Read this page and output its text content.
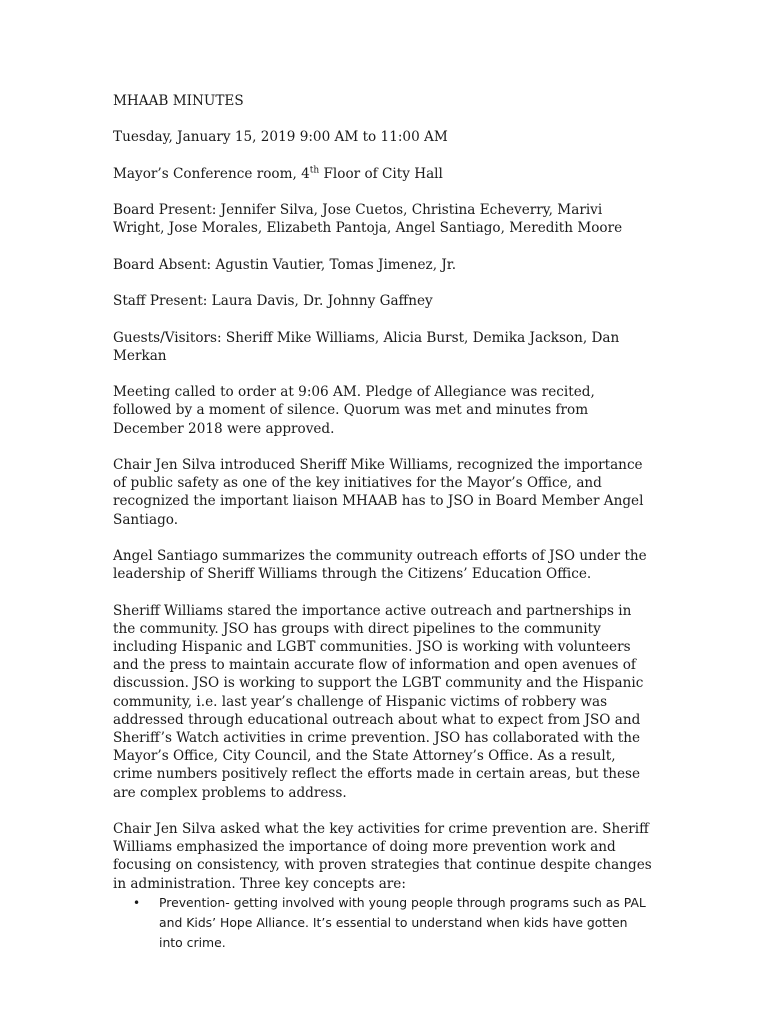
MHAAB MINUTES

Tuesday, January 15, 2019 9:00 AM to 11:00 AM

Mayor’s Conference room, 4th Floor of City Hall

Board Present: Jennifer Silva, Jose Cuetos, Christina Echeverry, Marivi Wright, Jose Morales, Elizabeth Pantoja, Angel Santiago, Meredith Moore

Board Absent: Agustin Vautier, Tomas Jimenez, Jr.

Staff Present: Laura Davis, Dr. Johnny Gaffney

Guests/Visitors: Sheriff Mike Williams, Alicia Burst, Demika Jackson, Dan Merkan

Meeting called to order at 9:06 AM. Pledge of Allegiance was recited, followed by a moment of silence. Quorum was met and minutes from December 2018 were approved.

Chair Jen Silva introduced Sheriff Mike Williams, recognized the importance of public safety as one of the key initiatives for the Mayor’s Office, and recognized the important liaison MHAAB has to JSO in Board Member Angel Santiago.

Angel Santiago summarizes the community outreach efforts of JSO under the leadership of Sheriff Williams through the Citizens’ Education Office.

Sheriff Williams stared the importance active outreach and partnerships in the community. JSO has groups with direct pipelines to the community including Hispanic and LGBT communities. JSO is working with volunteers and the press to maintain accurate flow of information and open avenues of discussion. JSO is working to support the LGBT community and the Hispanic community, i.e. last year’s challenge of Hispanic victims of robbery was addressed through educational outreach about what to expect from JSO and Sheriff’s Watch activities in crime prevention. JSO has collaborated with the Mayor’s Office, City Council, and the State Attorney’s Office. As a result, crime numbers positively reflect the efforts made in certain areas, but these are complex problems to address.

Chair Jen Silva asked what the key activities for crime prevention are. Sheriff Williams emphasized the importance of doing more prevention work and focusing on consistency, with proven strategies that continue despite changes in administration. Three key concepts are:

• Prevention- getting involved with young people through programs such as PAL and Kids’ Hope Alliance. It’s essential to understand when kids have gotten into crime.
